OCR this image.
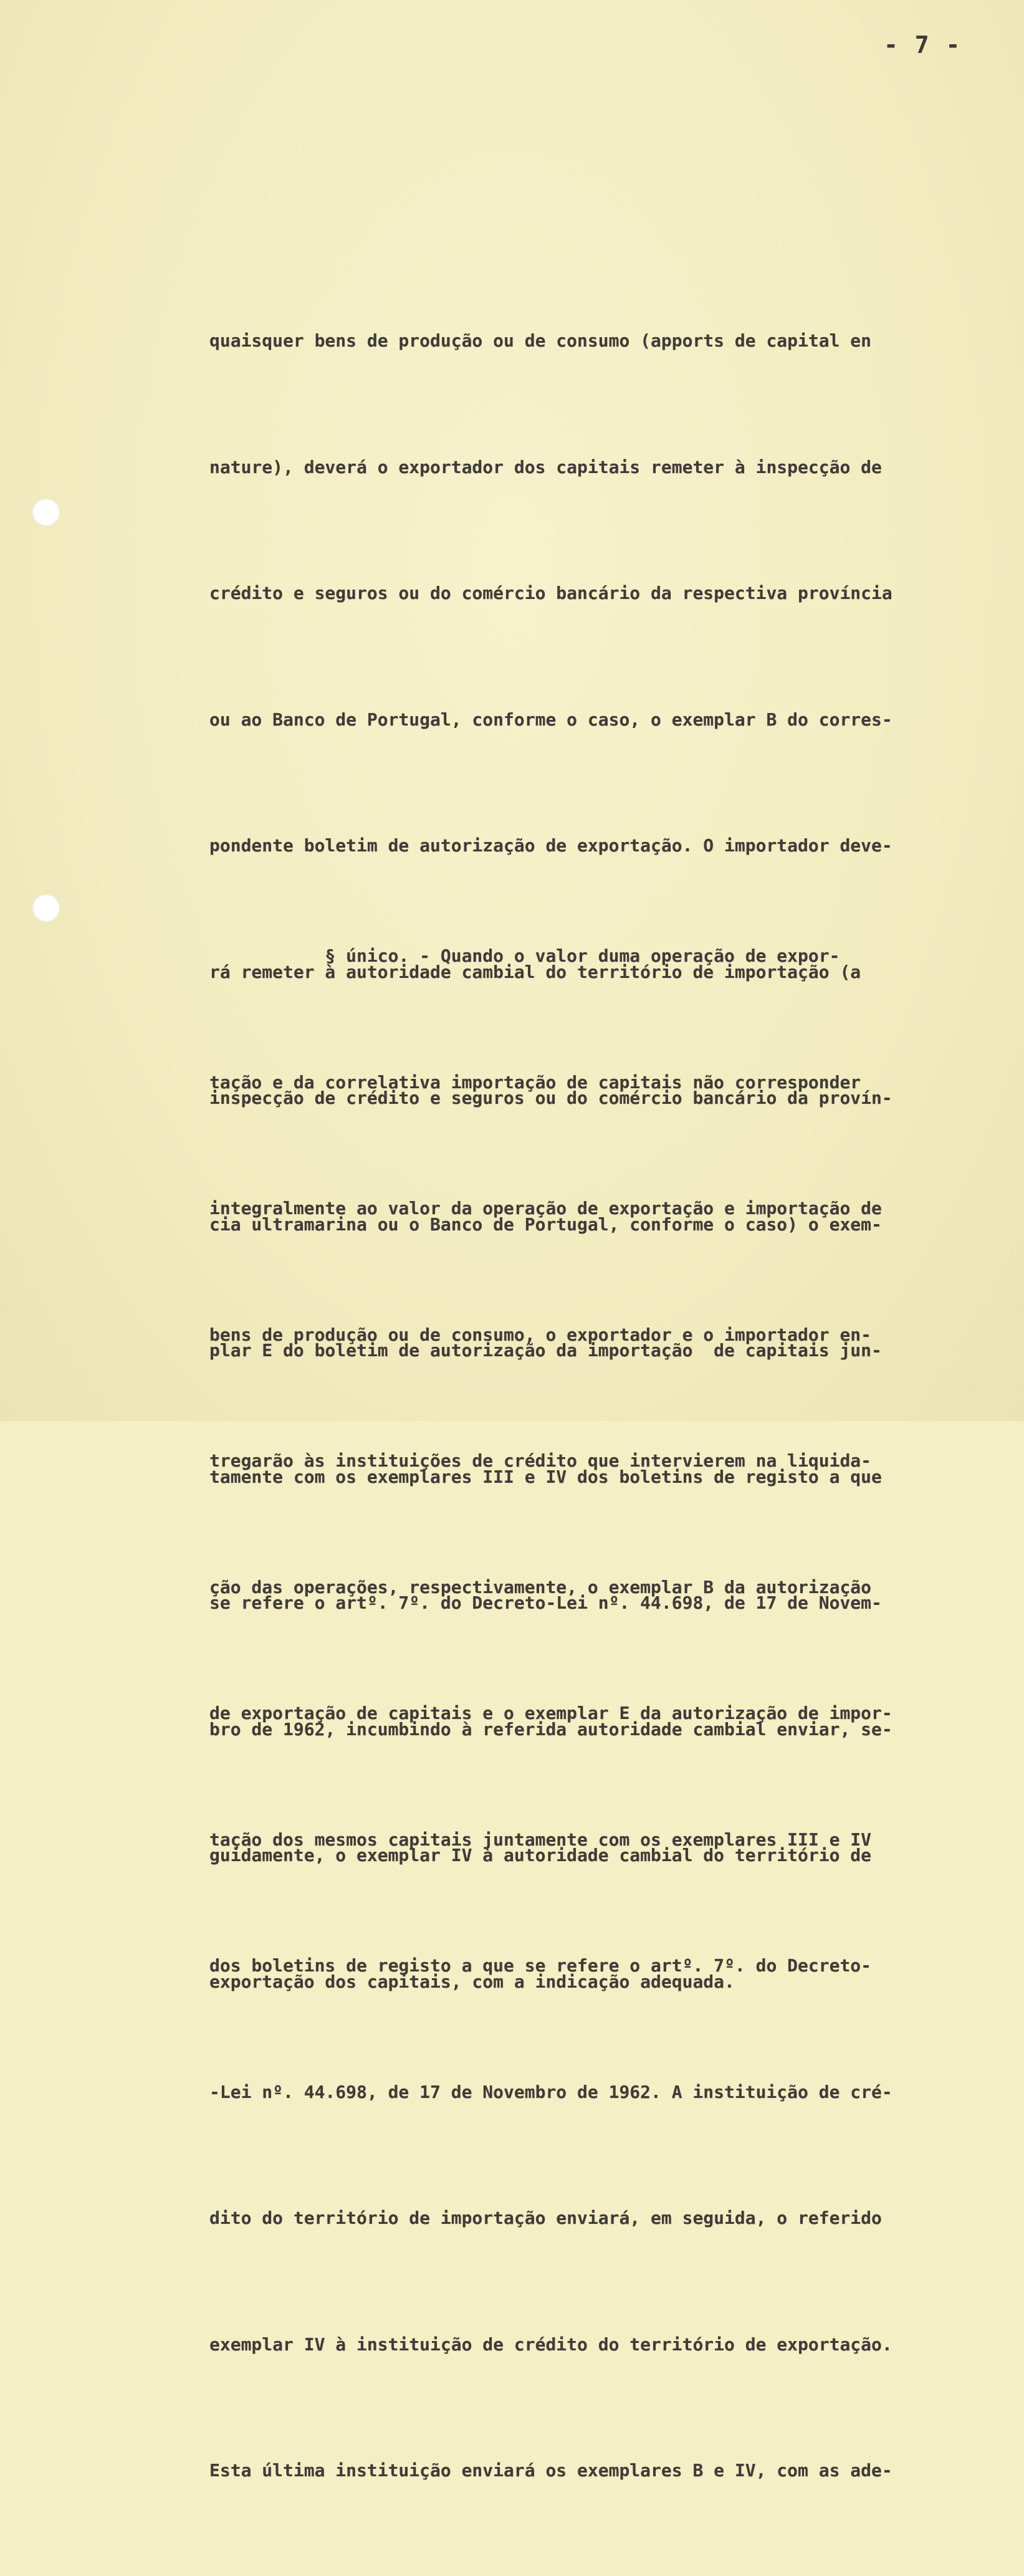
- 7 -

quaisquer bens de produção ou de consumo (apports de capital en

nature), deverá o exportador dos capitais remeter à inspecção de

crédito e seguros ou do comércio bancário da respectiva província

ou ao Banco de Portugal, conforme o caso, o exemplar B do corres-

pondente boletim de autorização de exportação. O importador deve-

rá remeter à autoridade cambial do território de importação (a

inspecção de crédito e seguros ou do comércio bancário da provín-

cia ultramarina ou o Banco de Portugal, conforme o caso) o exem-

plar E do boletim de autorização da importação  de capitais jun-

tamente com os exemplares III e IV dos boletins de registo a que

se refere o artº. 7º. do Decreto-Lei nº. 44.698, de 17 de Novem-

bro de 1962, incumbindo à referida autoridade cambial enviar, se-

guidamente, o exemplar IV à autoridade cambial do território de

exportação dos capitais, com a indicação adequada.

§ único. - Quando o valor duma operação de expor-

tação e da correlativa importação de capitais não corresponder

integralmente ao valor da operação de exportação e importação de

bens de produção ou de consumo, o exportador e o importador en-

tregarão às instituições de crédito que intervierem na liquida-

ção das operações, respectivamente, o exemplar B da autorização

de exportação de capitais e o exemplar E da autorização de impor-

tação dos mesmos capitais juntamente com os exemplares III e IV

dos boletins de registo a que se refere o artº. 7º. do Decreto-

-Lei nº. 44.698, de 17 de Novembro de 1962. A instituição de cré-

dito do território de importação enviará, em seguida, o referido

exemplar IV à instituição de crédito do território de exportação.

Esta última instituição enviará os exemplares B e IV, com as ade-
